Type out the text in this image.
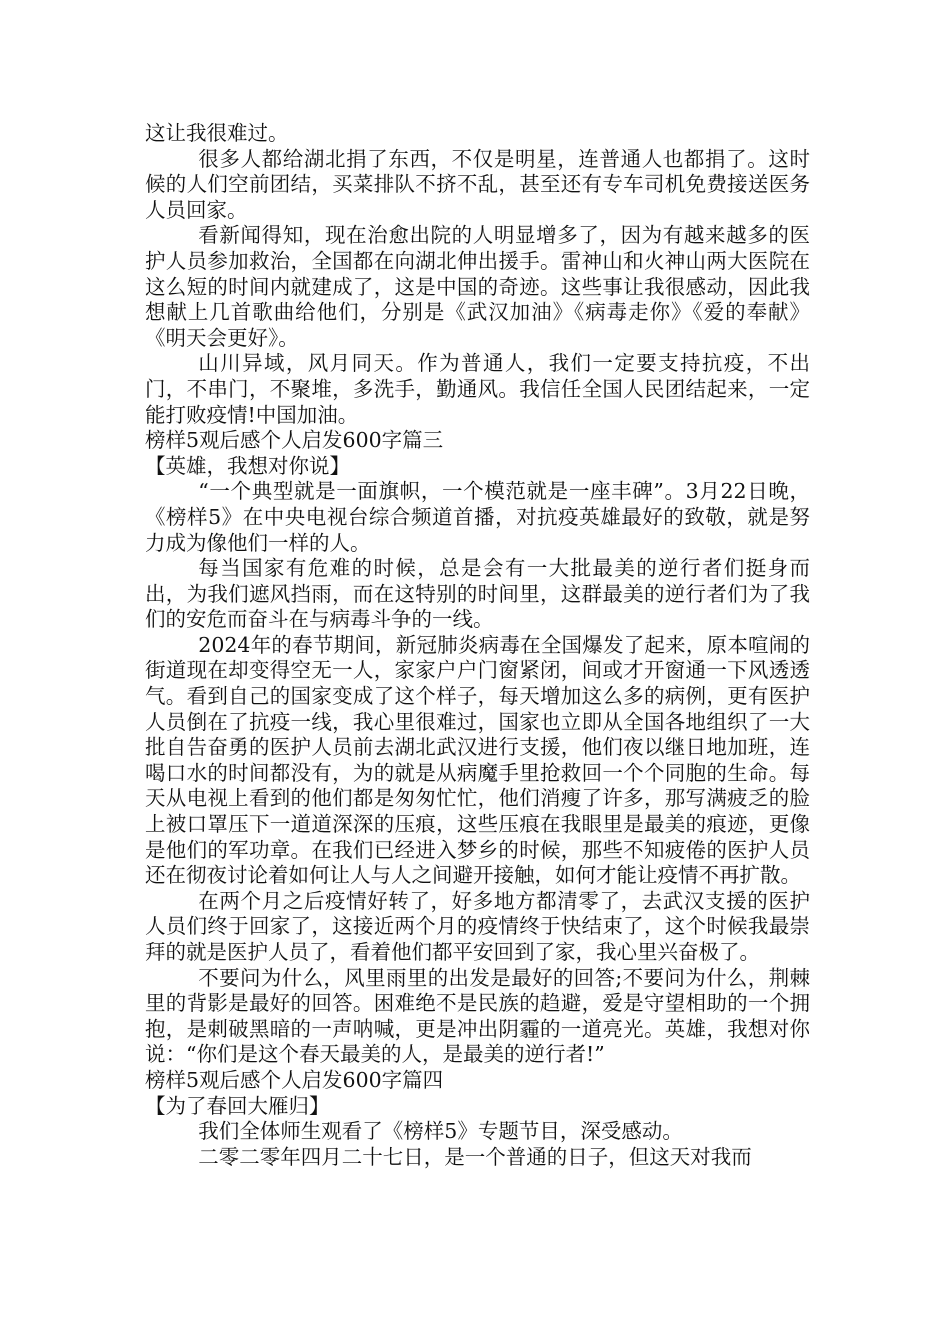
这让我很难过。

很多人都给湖北捐了东西，不仅是明星，连普通人也都捐了。这时候的人们空前团结，买菜排队不挤不乱，甚至还有专车司机免费接送医务人员回家。

看新闻得知，现在治愈出院的人明显增多了，因为有越来越多的医护人员参加救治，全国都在向湖北伸出援手。雷神山和火神山两大医院在这么短的时间内就建成了，这是中国的奇迹。这些事让我很感动，因此我想献上几首歌曲给他们，分别是《武汉加油》《病毒走你》《爱的奉献》《明天会更好》。

山川异域，风月同天。作为普通人，我们一定要支持抗疫，不出门，不串门，不聚堆，多洗手，勤通风。我信任全国人民团结起来，一定能打败疫情!中国加油。

榜样5观后感个人启发600字篇三

【英雄，我想对你说】

“一个典型就是一面旗帜，一个模范就是一座丰碑”。3月22日晚，《榜样5》在中央电视台综合频道首播，对抗疫英雄最好的致敬，就是努力成为像他们一样的人。

每当国家有危难的时候，总是会有一大批最美的逆行者们挺身而出，为我们遮风挡雨，而在这特别的时间里，这群最美的逆行者们为了我们的安危而奋斗在与病毒斗争的一线。

2024年的春节期间，新冠肺炎病毒在全国爆发了起来，原本喧闹的街道现在却变得空无一人，家家户户门窗紧闭，间或才开窗通一下风透透气。看到自己的国家变成了这个样子，每天增加这么多的病例，更有医护人员倒在了抗疫一线，我心里很难过，国家也立即从全国各地组织了一大批自告奋勇的医护人员前去湖北武汉进行支援，他们夜以继日地加班，连喝口水的时间都没有，为的就是从病魔手里抢救回一个个同胞的生命。每天从电视上看到的他们都是匆匆忙忙，他们消瘦了许多，那写满疲乏的脸上被口罩压下一道道深深的压痕，这些压痕在我眼里是最美的痕迹，更像是他们的军功章。在我们已经进入梦乡的时候，那些不知疲倦的医护人员还在彻夜讨论着如何让人与人之间避开接触，如何才能让疫情不再扩散。

在两个月之后疫情好转了，好多地方都清零了，去武汉支援的医护人员们终于回家了，这接近两个月的疫情终于快结束了，这个时候我最崇拜的就是医护人员了，看着他们都平安回到了家，我心里兴奋极了。

不要问为什么，风里雨里的出发是最好的回答;不要问为什么，荆棘里的背影是最好的回答。困难绝不是民族的趋避，爱是守望相助的一个拥抱，是刺破黑暗的一声呐喊，更是冲出阴霾的一道亮光。英雄，我想对你说：“你们是这个春天最美的人，是最美的逆行者!”

榜样5观后感个人启发600字篇四

【为了春回大雁归】

我们全体师生观看了《榜样5》专题节目，深受感动。

二零二零年四月二十七日，是一个普通的日子，但这天对我而
